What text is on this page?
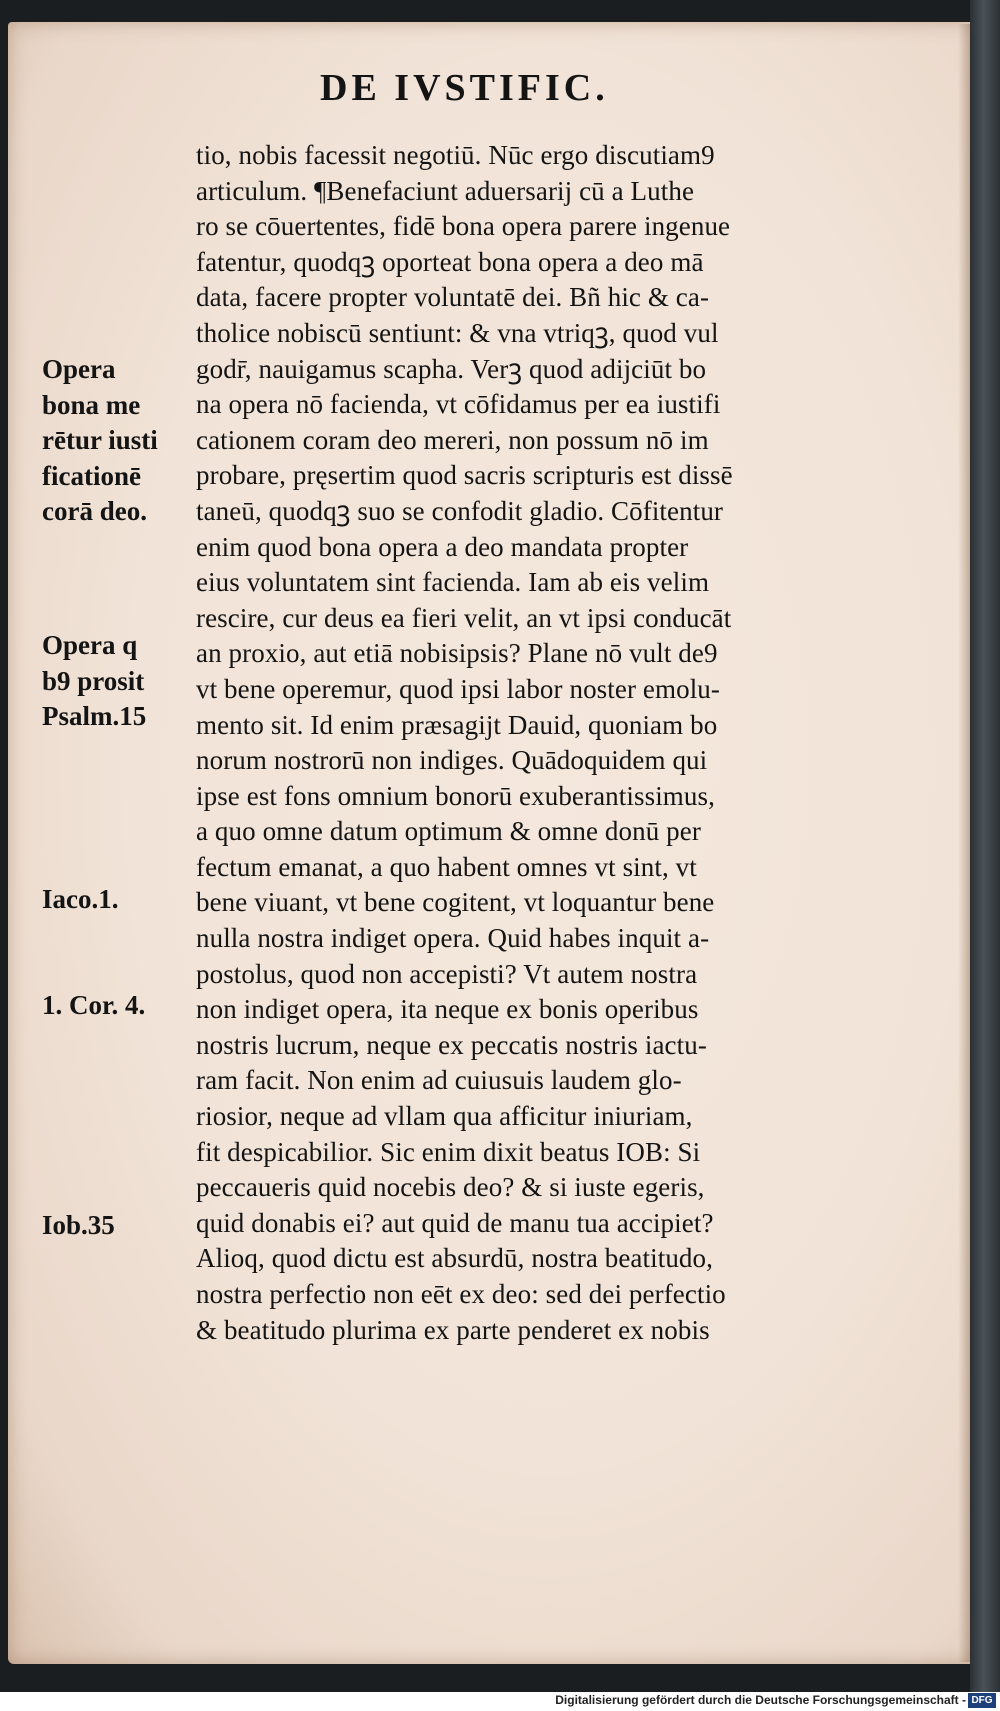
DE IVSTIFIC.
tio, nobis facessit negotiū. Nūc ergo discutiam9
articulum. ¶Benefaciunt aduersarij cū a Luthe
ro se cōuertentes, fidē bona opera parere ingenue
fatentur, quodqꝫ oporteat bona opera a deo mā
data, facere propter voluntatē dei. Bñ hic & ca-
tholice nobiscū sentiunt: & vna vtriqꝫ, quod vul
godr̄, nauigamus scapha. Verꝫ quod adijciūt bo
na opera nō facienda, vt cōfidamus per ea iustifi
cationem coram deo mereri, non possum nō im
probare, pręsertim quod sacris scripturis est dissē
taneū, quodqꝫ suo se confodit gladio. Cōfitentur
enim quod bona opera a deo mandata propter
eius voluntatem sint facienda. Iam ab eis velim
rescire, cur deus ea fieri velit, an vt ipsi conducāt
an proxio, aut etiā nobisipsis? Plane nō vult de9
vt bene operemur, quod ipsi labor noster emolu-
mento sit. Id enim præsagijt Dauid, quoniam bo
norum nostrorū non indiges. Quādoquidem qui
ipse est fons omnium bonorū exuberantissimus,
a quo omne datum optimum & omne donū per
fectum emanat, a quo habent omnes vt sint, vt
bene viuant, vt bene cogitent, vt loquantur bene
nulla nostra indiget opera. Quid habes inquit a-
postolus, quod non accepisti? Vt autem nostra
non indiget opera, ita neque ex bonis operibus
nostris lucrum, neque ex peccatis nostris iactu-
ram facit. Non enim ad cuiusuis laudem glo-
riosior, neque ad vllam qua afficitur iniuriam,
fit despicabilior. Sic enim dixit beatus IOB: Si
peccaueris quid nocebis deo? & si iuste egeris,
quid donabis ei? aut quid de manu tua accipiet?
Alioq, quod dictu est absurdū, nostra beatitudo,
nostra perfectio non eēt ex deo: sed dei perfectio
& beatitudo plurima ex parte penderet ex nobis
Opera
bona me
rētur iusti
ficationē
corā deo.
Opera q
b9 prosit
Psalm.15
Iaco.1.
1. Cor. 4.
Iob.35
Digitalisierung gefördert durch die Deutsche Forschungsgemeinschaft - DFG
